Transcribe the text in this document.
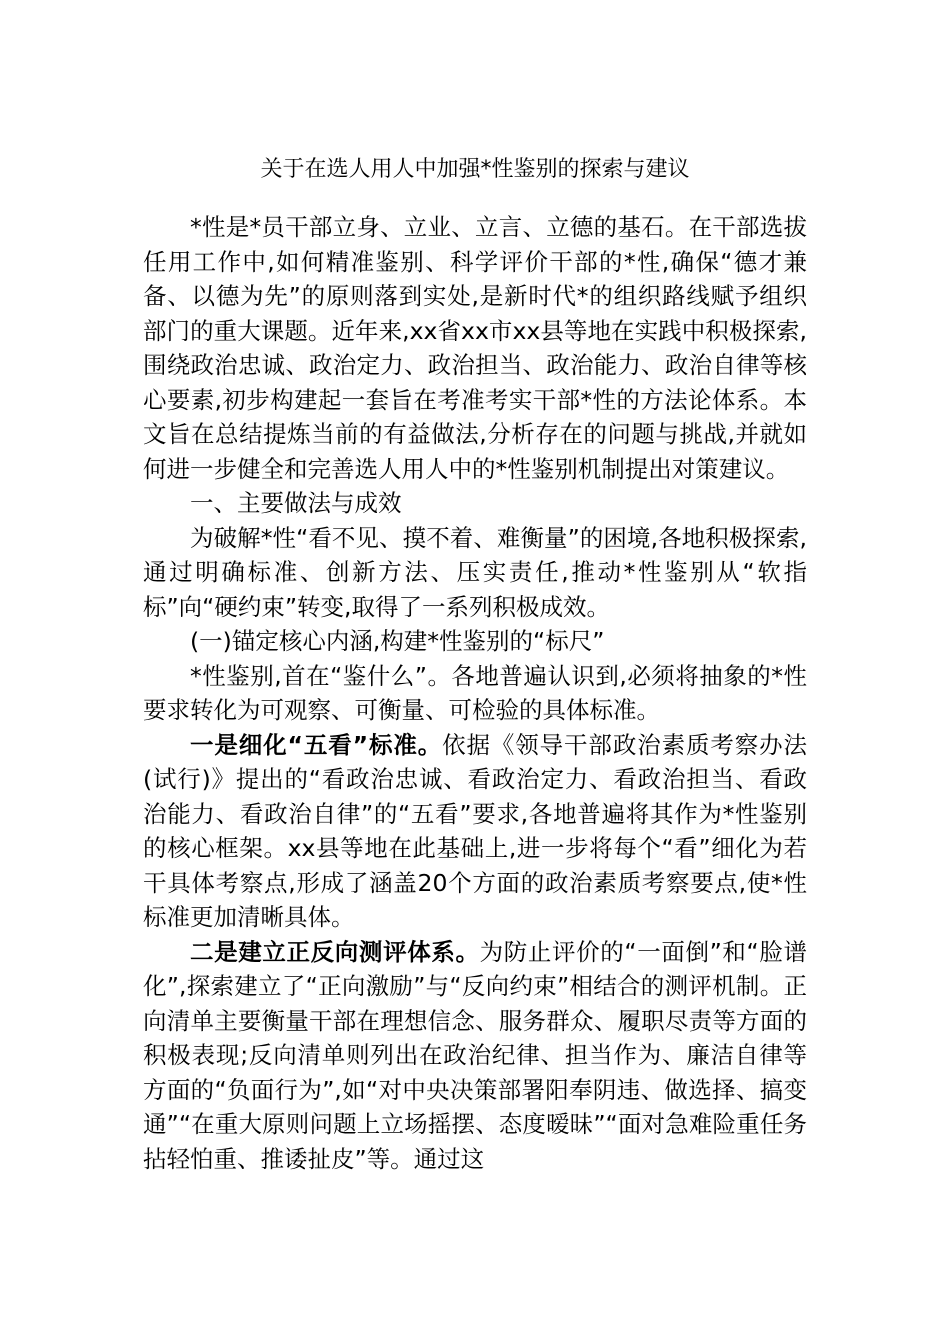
关于在选人用人中加强*性鉴别的探索与建议

*性是*员干部立身、立业、立言、立德的基石。在干部选拔任用工作中,如何精准鉴别、科学评价干部的*性,确保“德才兼备、以德为先”的原则落到实处,是新时代*的组织路线赋予组织部门的重大课题。近年来,xx省xx市xx县等地在实践中积极探索,围绕政治忠诚、政治定力、政治担当、政治能力、政治自律等核心要素,初步构建起一套旨在考准考实干部*性的方法论体系。本文旨在总结提炼当前的有益做法,分析存在的问题与挑战,并就如何进一步健全和完善选人用人中的*性鉴别机制提出对策建议。

一、主要做法与成效

为破解*性“看不见、摸不着、难衡量”的困境,各地积极探索,通过明确标准、创新方法、压实责任,推动*性鉴别从“软指标”向“硬约束”转变,取得了一系列积极成效。

(一)锚定核心内涵,构建*性鉴别的“标尺”

*性鉴别,首在“鉴什么”。各地普遍认识到,必须将抽象的*性要求转化为可观察、可衡量、可检验的具体标准。

一是细化“五看”标准。依据《领导干部政治素质考察办法(试行)》提出的“看政治忠诚、看政治定力、看政治担当、看政治能力、看政治自律”的“五看”要求,各地普遍将其作为*性鉴别的核心框架。xx县等地在此基础上,进一步将每个“看”细化为若干具体考察点,形成了涵盖20个方面的政治素质考察要点,使*性标准更加清晰具体。

二是建立正反向测评体系。为防止评价的“一面倒”和“脸谱化”,探索建立了“正向激励”与“反向约束”相结合的测评机制。正向清单主要衡量干部在理想信念、服务群众、履职尽责等方面的积极表现;反向清单则列出在政治纪律、担当作为、廉洁自律等方面的“负面行为”,如“对中央决策部署阳奉阴违、做选择、搞变通”“在重大原则问题上立场摇摆、态度暧昧”“面对急难险重任务拈轻怕重、推诿扯皮”等。通过这
